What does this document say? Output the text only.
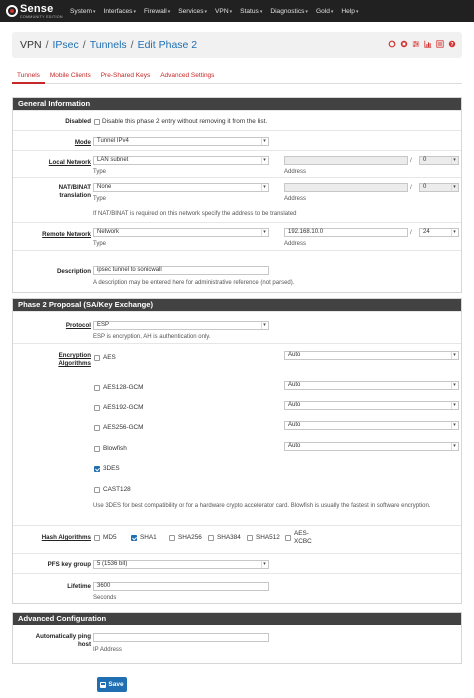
Sense
COMMUNITY EDITION
System▾ Interfaces▾ Firewall▾ Services▾ VPN▾ Status▾ Diagnostics▾ Gold▾ Help▾
VPN / IPsec / Tunnels / Edit Phase 2	?
Tunnels	Mobile Clients	Pre-Shared Keys	Advanced Settings
General Information
Disabled Disable this phase 2 entry without removing it from the list.
Mode	Tunnel IPv4	▾
Local Network	LAN subnet	▾
Type
/	0	▾
Address
NAT/BINAT translation
None	▾
Type
/	0	▾
Address
If NAT/BINAT is required on this network specify the address to be translated
Remote Network	Network	▾
Type
192.168.10.0	/	24	▾
Address
Description	ipsec tunnel to sonicwall
A description may be entered here for administrative reference (not parsed).
Phase 2 Proposal (SA/Key Exchange)
Protocol	ESP	▾
ESP is encryption, AH is authentication only.
Encryption Algorithms
AES	Auto	▾
AES128-GCM	Auto	▾
AES192-GCM	Auto	▾
AES256-GCM	Auto	▾
Blowfish	Auto	▾
3DES
CAST128
Use 3DES for best compatibility or for a hardware crypto accelerator card. Blowfish is usually the fastest in software encryption.
Hash Algorithms MD5	SHA1	SHA256 SHA384 SHA512
AES-XCBC
PFS key group	5 (1536 bit)	▾
Lifetime	3600
Seconds
Advanced Configuration
Automatically ping host
IP Address
Save
